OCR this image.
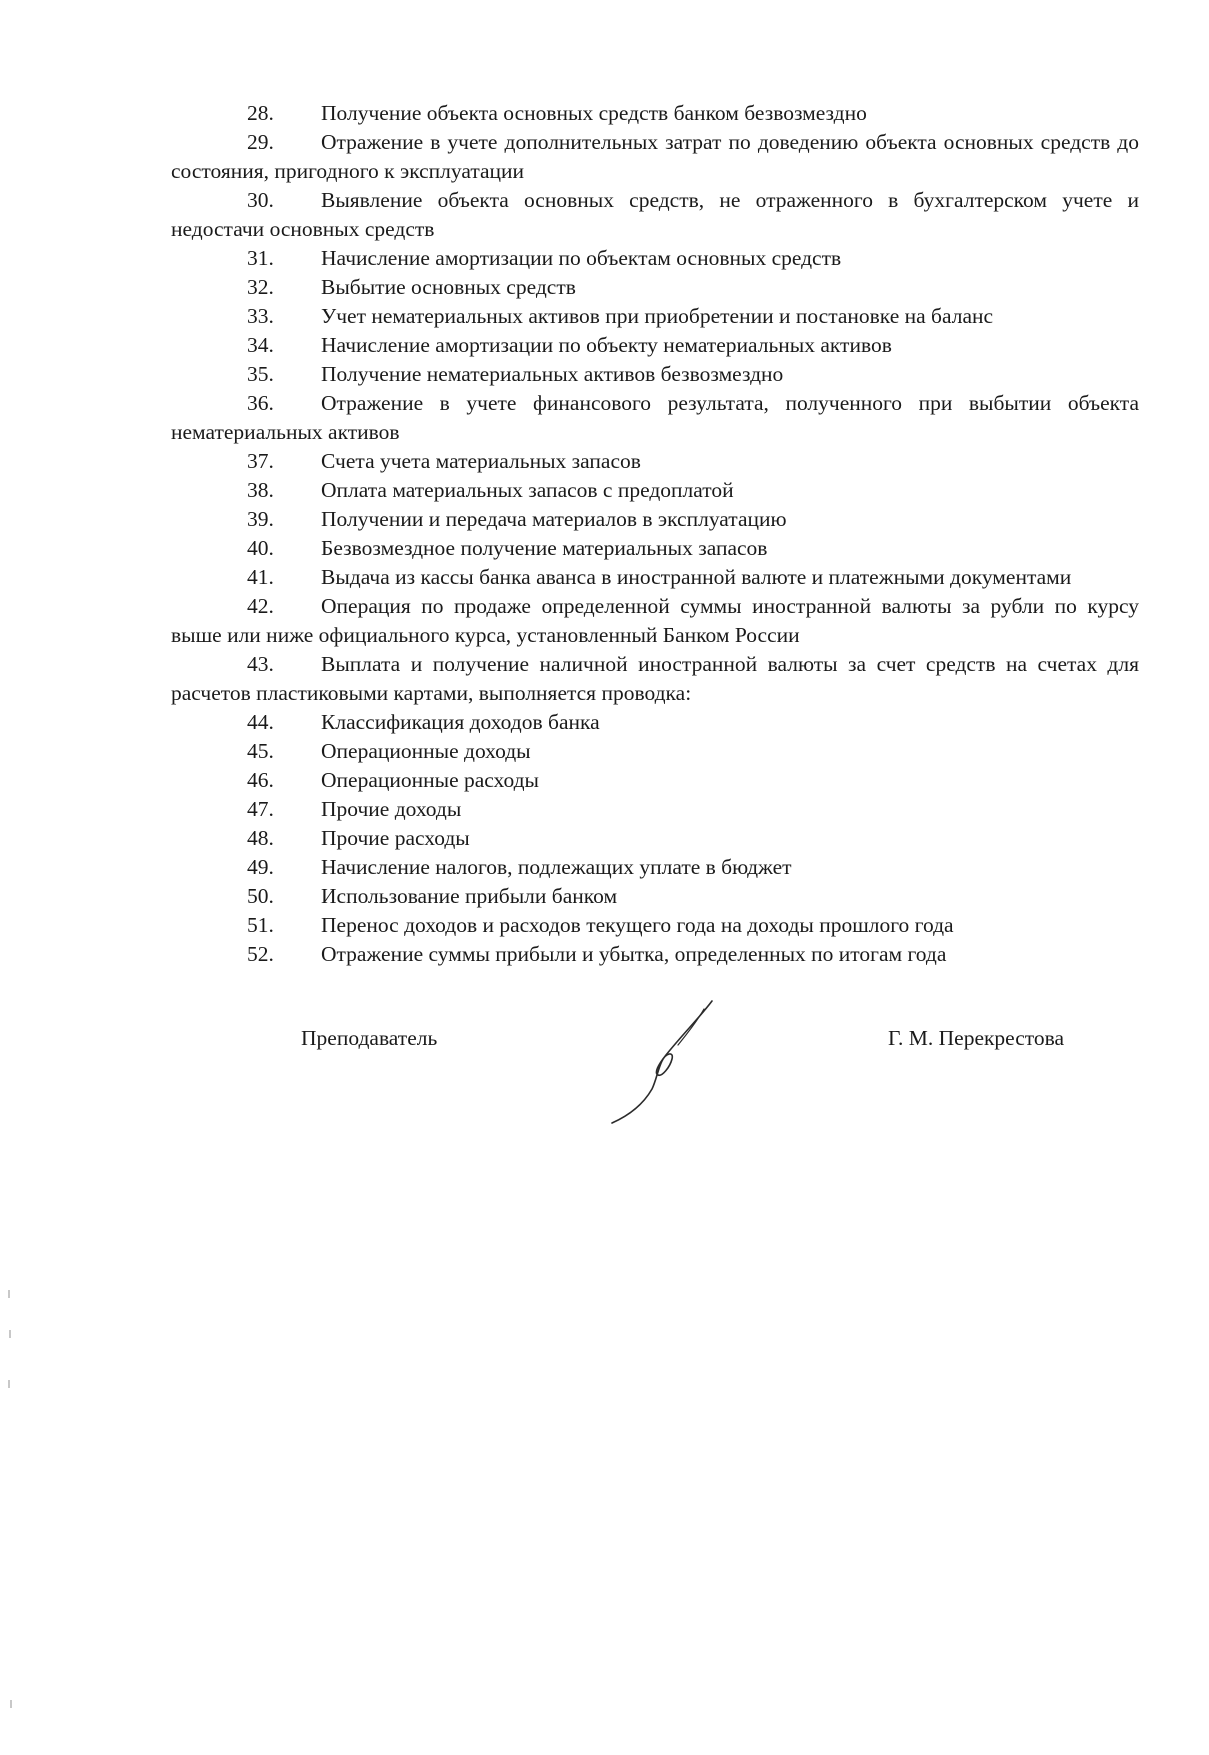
28. Получение объекта основных средств банком безвозмездно
29. Отражение в учете дополнительных затрат по доведению объекта основных средств до состояния, пригодного к эксплуатации
30. Выявление объекта основных средств, не отраженного в бухгалтерском учете и недостачи основных средств
31. Начисление амортизации по объектам основных средств
32. Выбытие основных средств
33. Учет нематериальных активов при приобретении и постановке на баланс
34. Начисление амортизации по объекту нематериальных активов
35. Получение нематериальных активов безвозмездно
36. Отражение в учете финансового результата, полученного при выбытии объекта нематериальных активов
37. Счета учета материальных запасов
38. Оплата материальных запасов с предоплатой
39. Получении и передача материалов в эксплуатацию
40. Безвозмездное получение материальных запасов
41. Выдача из кассы банка аванса в иностранной валюте и платежными документами
42. Операция по продаже определенной суммы иностранной валюты за рубли по курсу выше или ниже официального курса, установленный Банком России
43. Выплата и получение наличной иностранной валюты за счет средств на счетах для расчетов пластиковыми картами, выполняется проводка:
44. Классификация доходов банка
45. Операционные доходы
46. Операционные расходы
47. Прочие доходы
48. Прочие расходы
49. Начисление налогов, подлежащих уплате в бюджет
50. Использование прибыли банком
51. Перенос доходов и расходов текущего года на доходы прошлого года
52. Отражение суммы прибыли и убытка, определенных по итогам года
Преподаватель	Г. М. Перекрестова
